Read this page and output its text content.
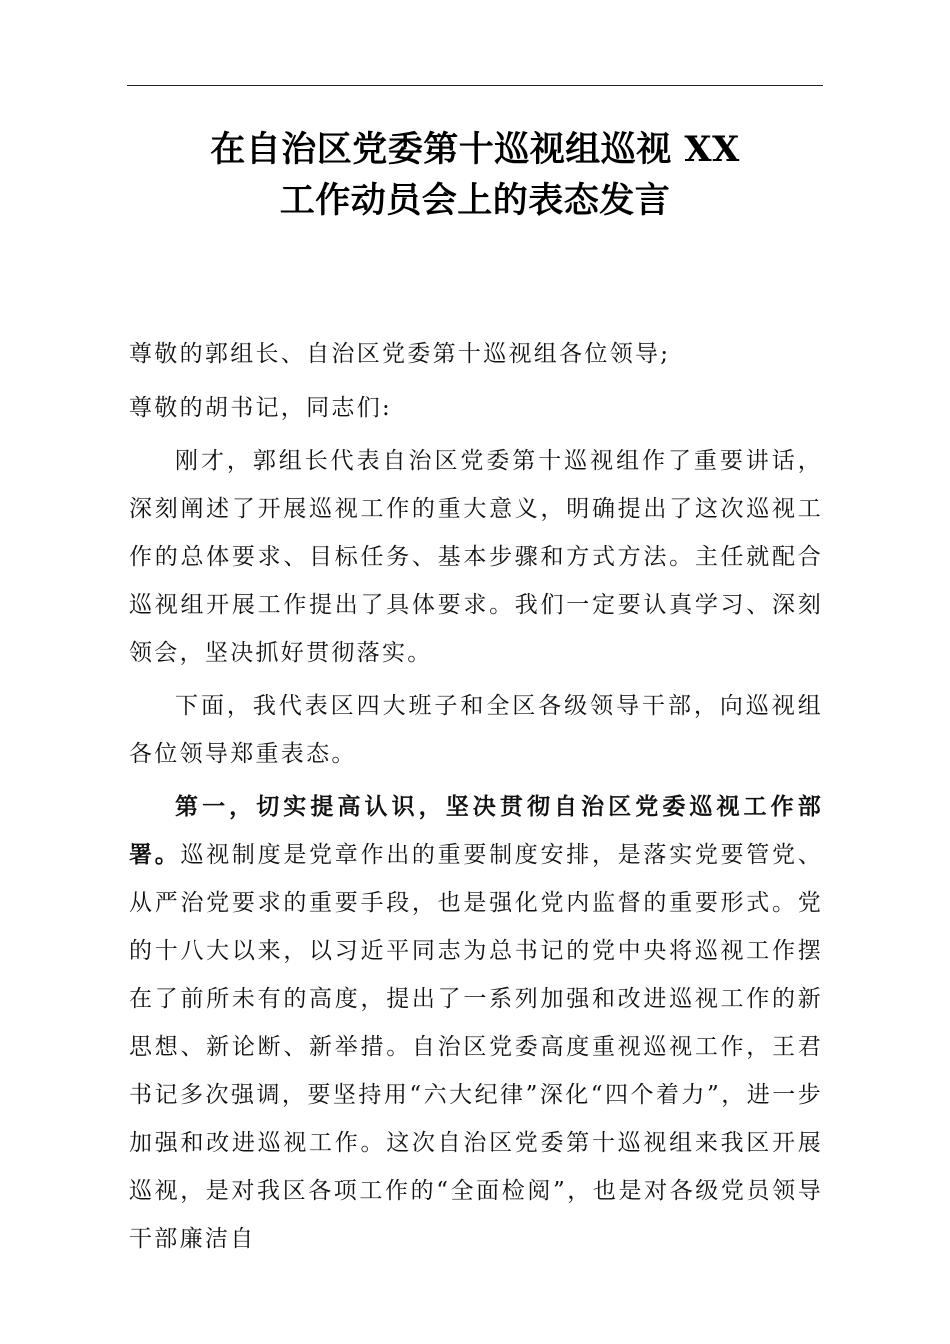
在自治区党委第十巡视组巡视 XX
工作动员会上的表态发言

尊敬的郭组长、自治区党委第十巡视组各位领导;

尊敬的胡书记，同志们:

刚才，郭组长代表自治区党委第十巡视组作了重要讲话，深刻阐述了开展巡视工作的重大意义，明确提出了这次巡视工作的总体要求、目标任务、基本步骤和方式方法。主任就配合巡视组开展工作提出了具体要求。我们一定要认真学习、深刻领会，坚决抓好贯彻落实。

下面，我代表区四大班子和全区各级领导干部，向巡视组各位领导郑重表态。

第一，切实提高认识，坚决贯彻自治区党委巡视工作部署。巡视制度是党章作出的重要制度安排，是落实党要管党、从严治党要求的重要手段，也是强化党内监督的重要形式。党的十八大以来，以习近平同志为总书记的党中央将巡视工作摆在了前所未有的高度，提出了一系列加强和改进巡视工作的新思想、新论断、新举措。自治区党委高度重视巡视工作，王君书记多次强调，要坚持用“六大纪律”深化“四个着力”，进一步加强和改进巡视工作。这次自治区党委第十巡视组来我区开展巡视，是对我区各项工作的“全面检阅”，也是对各级党员领导干部廉洁自
